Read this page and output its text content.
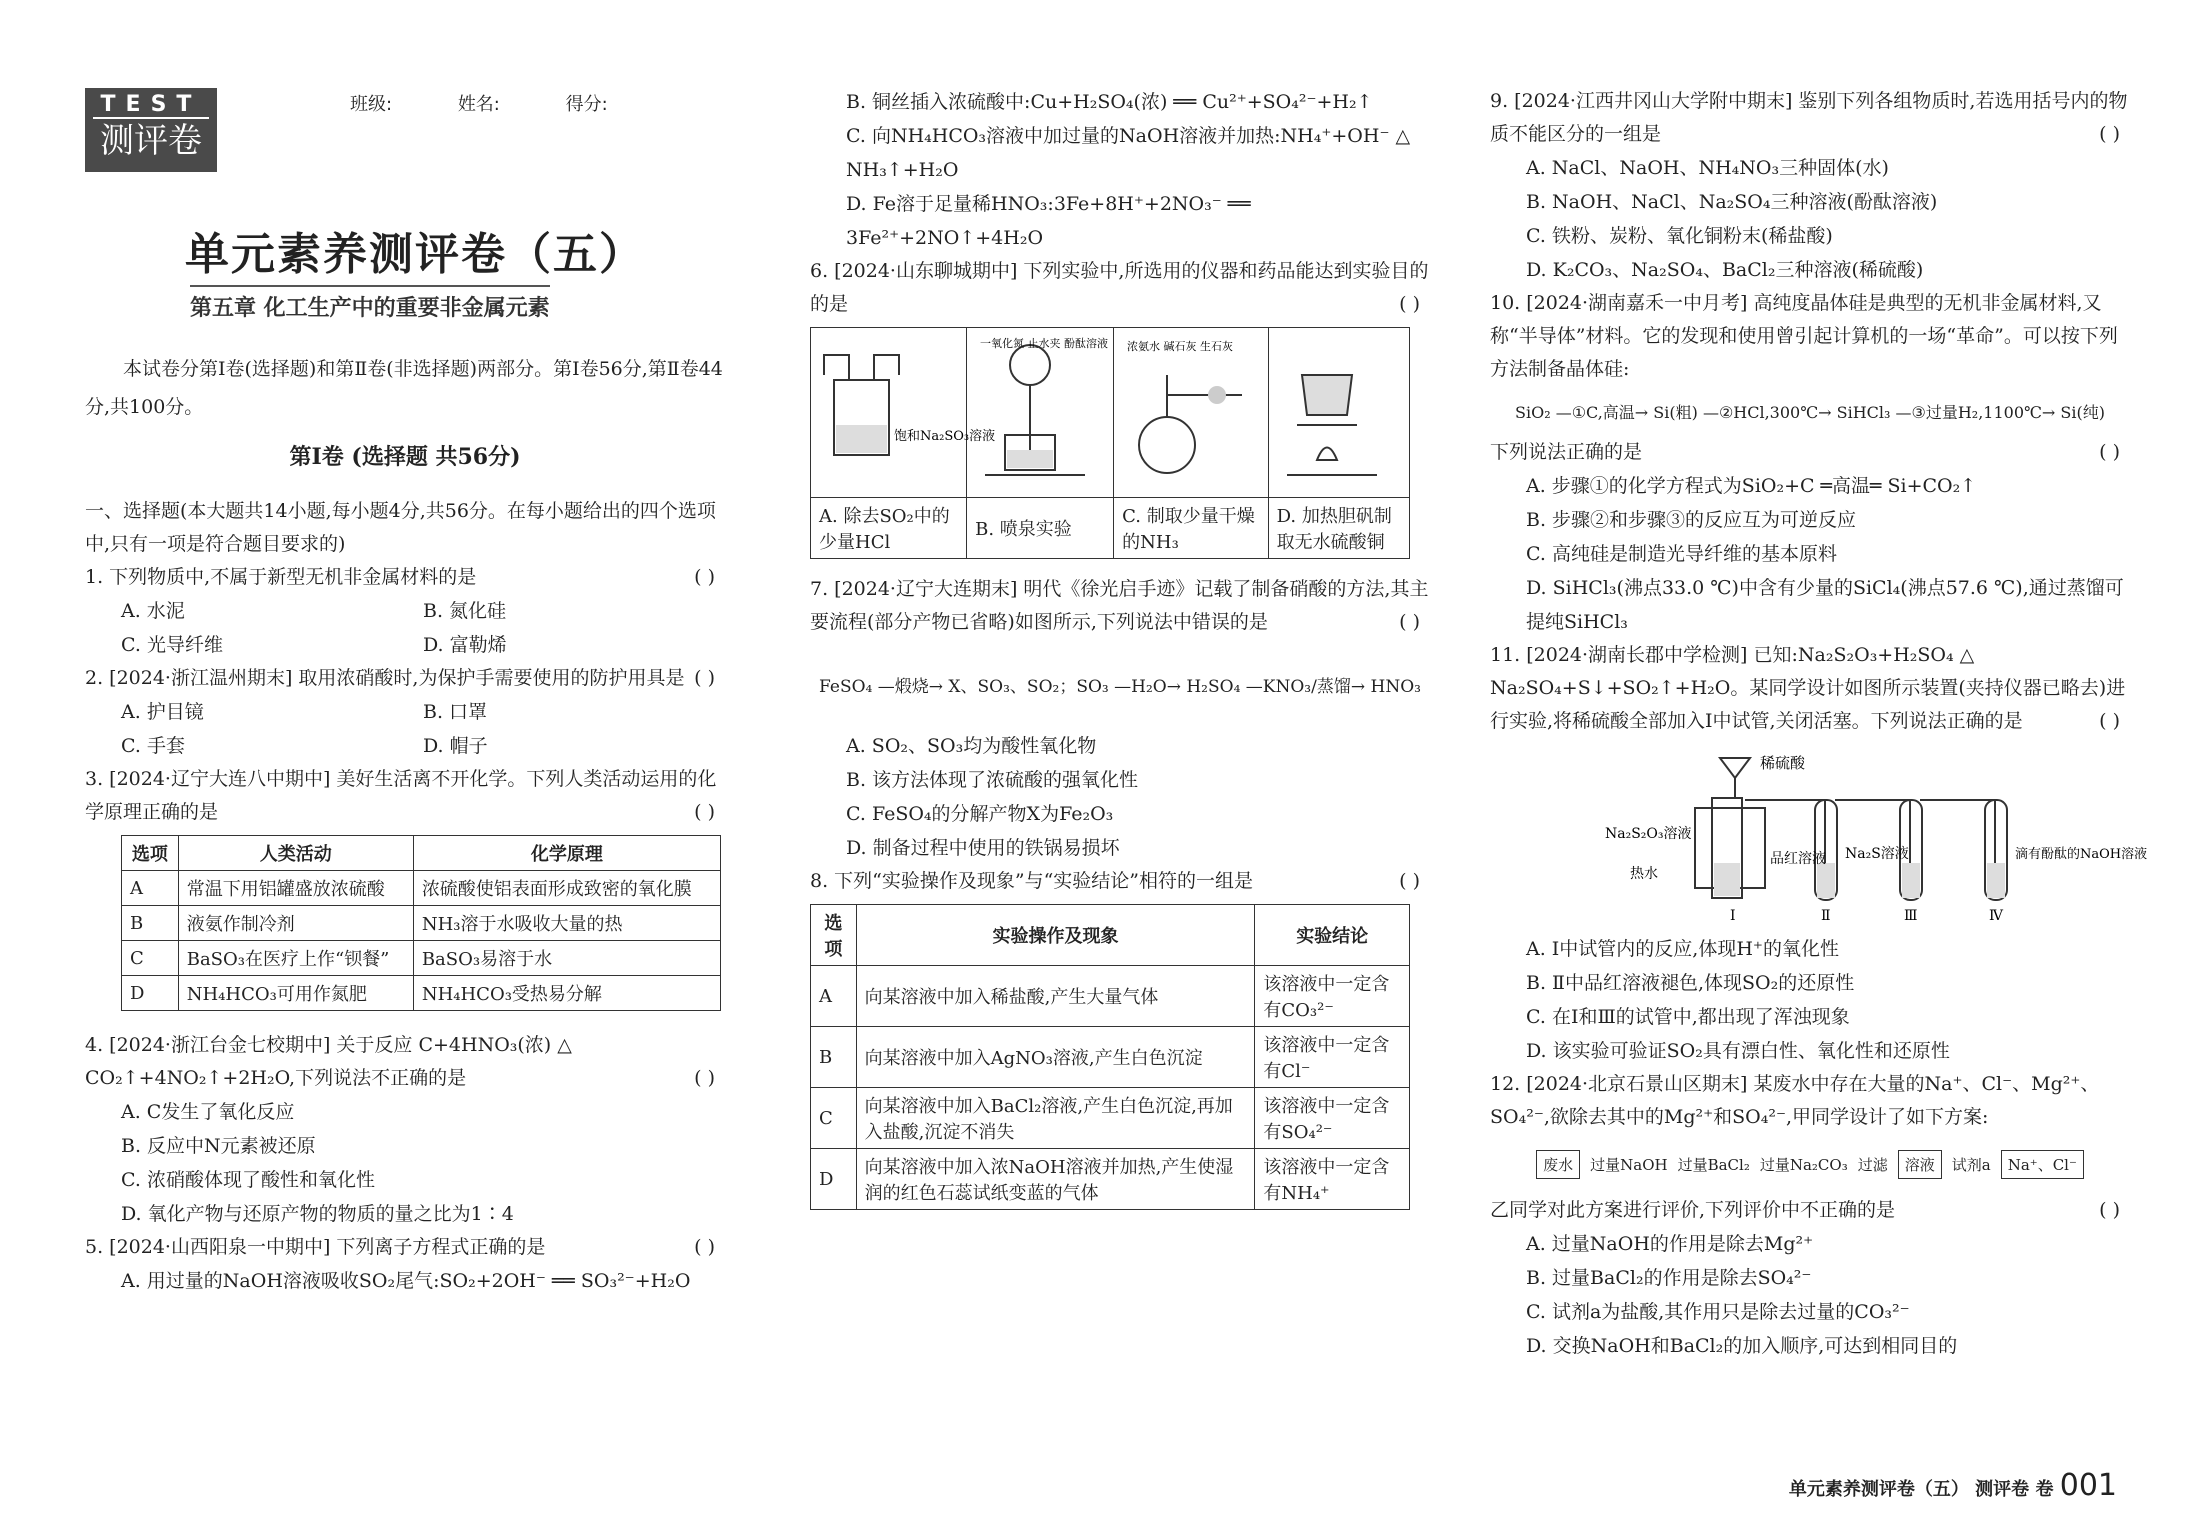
TEST
测评卷
班级:	姓名:	得分:
单元素养测评卷（五）
第五章 化工生产中的重要非金属元素
本试卷分第Ⅰ卷(选择题)和第Ⅱ卷(非选择题)两部分。第Ⅰ卷56分,第Ⅱ卷44分,共100分。
第Ⅰ卷 (选择题 共56分)
一、选择题(本大题共14小题,每小题4分,共56分。在每小题给出的四个选项中,只有一项是符合题目要求的)
1. 下列物质中,不属于新型无机非金属材料的是	( )
A. 水泥	B. 氮化硅
C. 光导纤维	D. 富勒烯
2. [2024·浙江温州期末] 取用浓硝酸时,为保护手需要使用的防护用具是 ( )
A. 护目镜	B. 口罩
C. 手套	D. 帽子
3. [2024·辽宁大连八中期中] 美好生活离不开化学。下列人类活动运用的化学原理正确的是	( )
选项	人类活动	化学原理
A	常温下用铝罐盛放浓硫酸	浓硫酸使铝表面形成致密的氧化膜
B	液氨作制冷剂	NH₃溶于水吸收大量的热
C	BaSO₃在医疗上作“钡餐”	BaSO₃易溶于水
D	NH₄HCO₃可用作氮肥	NH₄HCO₃受热易分解
4. [2024·浙江台金七校期中] 关于反应 C+4HNO₃(浓) △ CO₂↑+4NO₂↑+2H₂O,下列说法不正确的是	( )
A. C发生了氧化反应
B. 反应中N元素被还原
C. 浓硝酸体现了酸性和氧化性
D. 氧化产物与还原产物的物质的量之比为1∶4
5. [2024·山西阳泉一中期中] 下列离子方程式正确的是	( )
A. 用过量的NaOH溶液吸收SO₂尾气:SO₂+2OH⁻ ══ SO₃²⁻+H₂O
B. 铜丝插入浓硫酸中:Cu+H₂SO₄(浓) ══ Cu²⁺+SO₄²⁻+H₂↑
C. 向NH₄HCO₃溶液中加过量的NaOH溶液并加热:NH₄⁺+OH⁻ △ NH₃↑+H₂O
D. Fe溶于足量稀HNO₃:3Fe+8H⁺+2NO₃⁻ ══ 3Fe²⁺+2NO↑+4H₂O
6. [2024·山东聊城期中] 下列实验中,所选用的仪器和药品能达到实验目的的是	( )
饱和Na₂SO₃溶液	一氧化氮 止水夹 酚酞溶液	浓氨水 碱石灰 生石灰

A. 除去SO₂中的少量HCl	B. 喷泉实验	C. 制取少量干燥的NH₃	D. 加热胆矾制取无水硫酸铜
7. [2024·辽宁大连期末] 明代《徐光启手迹》记载了制备硝酸的方法,其主要流程(部分产物已省略)如图所示,下列说法中错误的是	( )
FeSO₄ —煅烧→ X、SO₃、SO₂；SO₃ —H₂O→ H₂SO₄ —KNO₃/蒸馏→ HNO₃
A. SO₂、SO₃均为酸性氧化物
B. 该方法体现了浓硫酸的强氧化性
C. FeSO₄的分解产物X为Fe₂O₃
D. 制备过程中使用的铁锅易损坏
8. 下列“实验操作及现象”与“实验结论”相符的一组是	( )
选项	实验操作及现象	实验结论
A	向某溶液中加入稀盐酸,产生大量气体	该溶液中一定含有CO₃²⁻
B	向某溶液中加入AgNO₃溶液,产生白色沉淀	该溶液中一定含有Cl⁻
C	向某溶液中加入BaCl₂溶液,产生白色沉淀,再加入盐酸,沉淀不消失	该溶液中一定含有SO₄²⁻
D	向某溶液中加入浓NaOH溶液并加热,产生使湿润的红色石蕊试纸变蓝的气体	该溶液中一定含有NH₄⁺
9. [2024·江西井冈山大学附中期末] 鉴别下列各组物质时,若选用括号内的物质不能区分的一组是	( )
A. NaCl、NaOH、NH₄NO₃三种固体(水)
B. NaOH、NaCl、Na₂SO₄三种溶液(酚酞溶液)
C. 铁粉、炭粉、氧化铜粉末(稀盐酸)
D. K₂CO₃、Na₂SO₄、BaCl₂三种溶液(稀硫酸)
10. [2024·湖南嘉禾一中月考] 高纯度晶体硅是典型的无机非金属材料,又称“半导体”材料。它的发现和使用曾引起计算机的一场“革命”。可以按下列方法制备晶体硅:
SiO₂ —①C,高温→ Si(粗) —②HCl,300℃→ SiHCl₃ —③过量H₂,1100℃→ Si(纯)
下列说法正确的是	( )
A. 步骤①的化学方程式为SiO₂+C ═高温═ Si+CO₂↑
B. 步骤②和步骤③的反应互为可逆反应
C. 高纯硅是制造光导纤维的基本原料
D. SiHCl₃(沸点33.0 ℃)中含有少量的SiCl₄(沸点57.6 ℃),通过蒸馏可提纯SiHCl₃
11. [2024·湖南长郡中学检测] 已知:Na₂S₂O₃+H₂SO₄ △ Na₂SO₄+S↓+SO₂↑+H₂O。某同学设计如图所示装置(夹持仪器已略去)进行实验,将稀硫酸全部加入Ⅰ中试管,关闭活塞。下列说法正确的是	( )
稀硫酸
Na₂S₂O₃溶液
热水
品红溶液 Na₂S溶液	滴有酚酞的NaOH溶液
Ⅰ	Ⅱ	Ⅲ	Ⅳ
A. Ⅰ中试管内的反应,体现H⁺的氧化性
B. Ⅱ中品红溶液褪色,体现SO₂的还原性
C. 在Ⅰ和Ⅲ的试管中,都出现了浑浊现象
D. 该实验可验证SO₂具有漂白性、氧化性和还原性
12. [2024·北京石景山区期末] 某废水中存在大量的Na⁺、Cl⁻、Mg²⁺、SO₄²⁻,欲除去其中的Mg²⁺和SO₄²⁻,甲同学设计了如下方案:
废水	过量NaOH 过量BaCl₂ 过量Na₂CO₃ 过滤	溶液	试剂a	Na⁺、Cl⁻
乙同学对此方案进行评价,下列评价中不正确的是	( )
A. 过量NaOH的作用是除去Mg²⁺
B. 过量BaCl₂的作用是除去SO₄²⁻
C. 试剂a为盐酸,其作用只是除去过量的CO₃²⁻
D. 交换NaOH和BaCl₂的加入顺序,可达到相同目的
单元素养测评卷（五） 测评卷 卷 001
